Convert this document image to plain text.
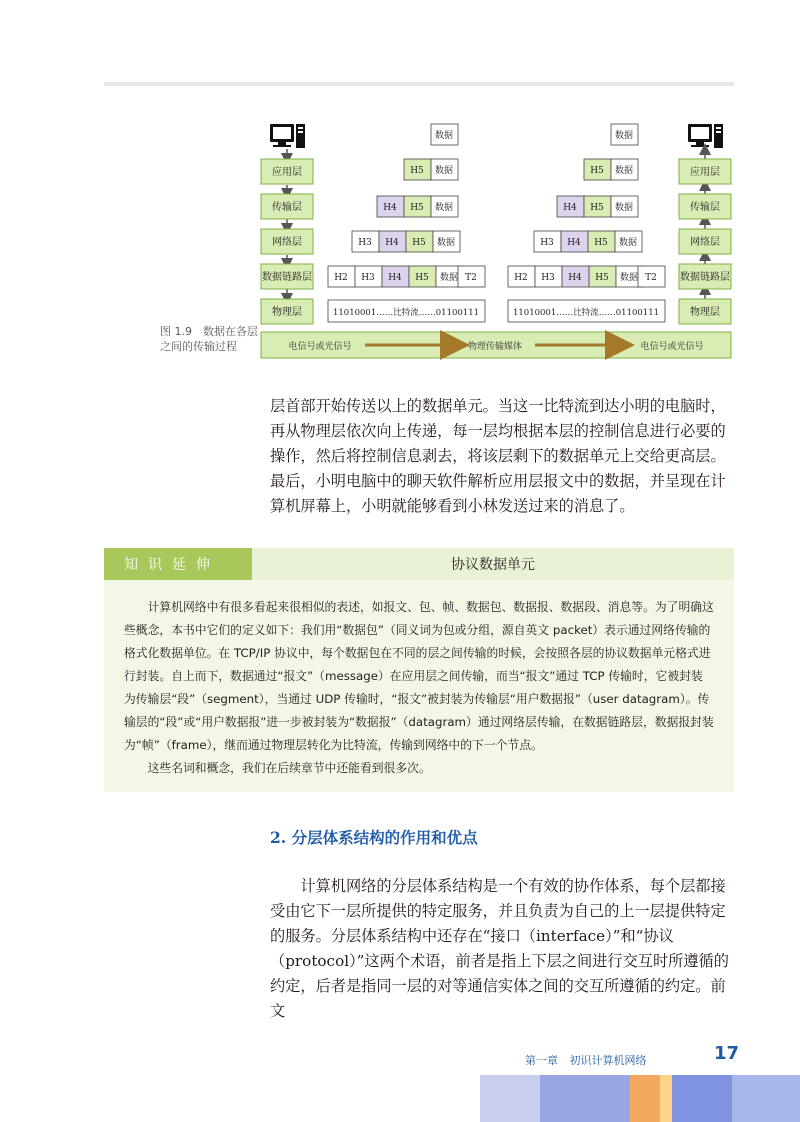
应用层
传输层
网络层
数据链路层
物理层
应用层
传输层
网络层
数据链路层
物理层
数据
H5 数据
H4 H5 数据
H3 H4 H5 数据
H2 H3 H4 H5 数据 T2
11010001……比特流……01100111
数据
H5 数据
H4 H5 数据
H3 H4 H5 数据
H2 H3 H4 H5 数据 T2
11010001……比特流……01100111
电信号或光信号	物理传输媒体	电信号或光信号
图 1.9  数据在各层之间的传输过程

层首部开始传送以上的数据单元。当这一比特流到达小明的电脑时，再从物理层依次向上传递，每一层均根据本层的控制信息进行必要的操作，然后将控制信息剥去，将该层剩下的数据单元上交给更高层。最后，小明电脑中的聊天软件解析应用层报文中的数据，并呈现在计算机屏幕上，小明就能够看到小林发送过来的消息了。

知识延伸	协议数据单元

计算机网络中有很多看起来很相似的表述，如报文、包、帧、数据包、数据报、数据段、消息等。为了明确这些概念，本书中它们的定义如下：我们用“数据包”（同义词为包或分组，源自英文 packet）表示通过网络传输的格式化数据单位。在 TCP/IP 协议中，每个数据包在不同的层之间传输的时候，会按照各层的协议数据单元格式进行封装。自上而下，数据通过“报文”（message）在应用层之间传输，而当“报文”通过 TCP 传输时，它被封装为传输层“段”（segment），当通过 UDP 传输时，“报文”被封装为传输层“用户数据报”（user datagram）。传输层的“段”或“用户数据报”进一步被封装为“数据报”（datagram）通过网络层传输，在数据链路层，数据报封装为“帧”（frame），继而通过物理层转化为比特流，传输到网络中的下一个节点。

这些名词和概念，我们在后续章节中还能看到很多次。

2. 分层体系结构的作用和优点

计算机网络的分层体系结构是一个有效的协作体系，每个层都接受由它下一层所提供的特定服务，并且负责为自己的上一层提供特定的服务。分层体系结构中还存在“接口（interface）”和“协议（protocol）”这两个术语，前者是指上下层之间进行交互时所遵循的约定，后者是指同一层的对等通信实体之间的交互所遵循的约定。前文

第一章 初识计算机网络	17
